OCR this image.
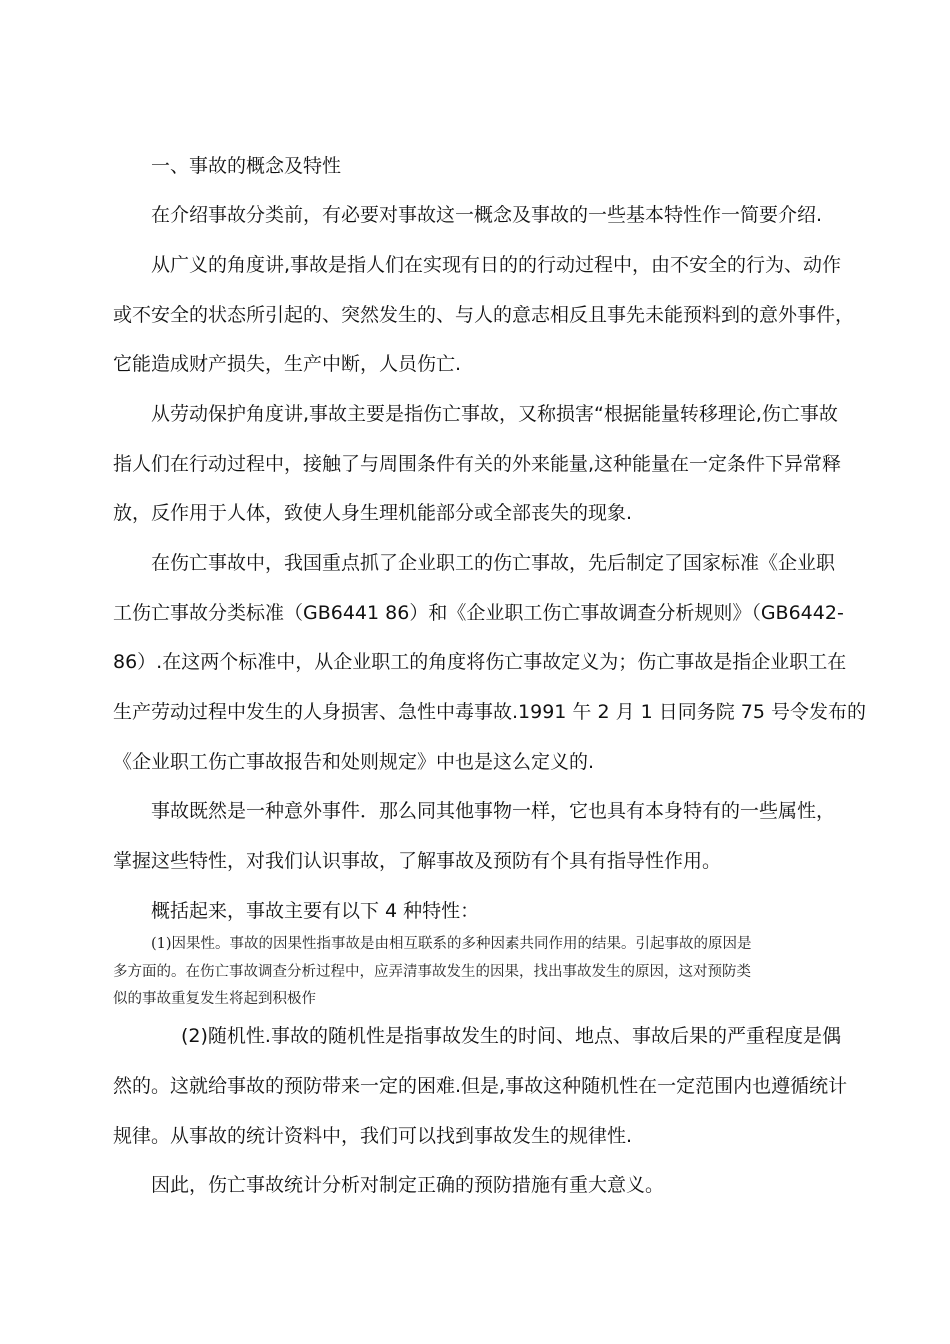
一、事故的概念及特性
在介绍事故分类前，有必要对事故这一概念及事故的一些基本特性作一简要介绍.
从广义的角度讲,事故是指人们在实现有日的的行动过程中，由不安全的行为、动作
或不安全的状态所引起的、突然发生的、与人的意志相反且事先未能预料到的意外事件，
它能造成财产损失，生产中断，人员伤亡.
从劳动保护角度讲,事故主要是指伤亡事故，又称损害“根据能量转移理论,伤亡事故
指人们在行动过程中，接触了与周围条件有关的外来能量,这种能量在一定条件下异常释
放，反作用于人体，致使人身生理机能部分或全部丧失的现象.
在伤亡事故中，我国重点抓了企业职工的伤亡事故，先后制定了国家标准《企业职
工伤亡事故分类标准（GB6441 86）和《企业职工伤亡事故调查分析规则》（GB6442-
86）.在这两个标准中，从企业职工的角度将伤亡事故定义为；伤亡事故是指企业职工在
生产劳动过程中发生的人身损害、急性中毒事故.1991 午 2 月 1 日同务院 75 号令发布的
《企业职工伤亡事故报告和处则规定》中也是这么定义的.
事故既然是一种意外事件．那么同其他事物一样，它也具有本身特有的一些属性，
掌握这些特性，对我们认识事故，了解事故及预防有个具有指导性作用。
概括起来，事故主要有以下 4 种特性：
(1)因果性。事故的因果性指事故是由相互联系的多种因素共同作用的结果。引起事故的原因是
多方面的。在伤亡事故调查分析过程中，应弄清事故发生的因果，找出事故发生的原因，这对预防类
似的事故重复发生将起到积极作
(2)随机性.事故的随机性是指事故发生的时间、地点、事故后果的严重程度是偶
然的。这就给事故的预防带来一定的困难.但是,事故这种随机性在一定范围内也遵循统计
规律。从事故的统计资料中，我们可以找到事故发生的规律性.
因此，伤亡事故统计分析对制定正确的预防措施有重大意义。
